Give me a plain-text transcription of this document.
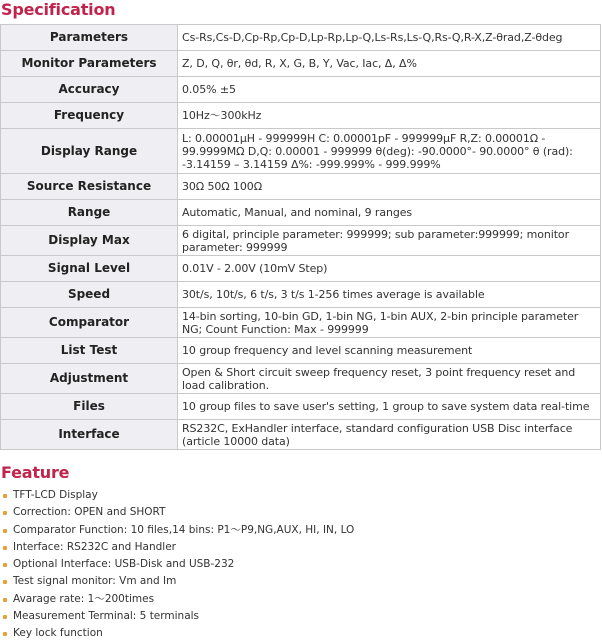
Specification
Parameters	Cs-Rs,Cs-D,Cp-Rp,Cp-D,Lp-Rp,Lp-Q,Ls-Rs,Ls-Q,Rs-Q,R-X,Z-θrad,Z-θdeg
Monitor Parameters	Z, D, Q, θr, θd, R, X, G, B, Y, Vac, Iac, Δ, Δ%
Accuracy	0.05% ±5
Frequency	10Hz～300kHz
Display Range	L: 0.00001μH - 999999H C: 0.00001pF - 999999μF R,Z: 0.00001Ω - 99.9999MΩ D,Q: 0.00001 - 999999 θ(deg): -90.0000°- 90.0000° θ (rad): -3.14159 – 3.14159 Δ%: -999.999% - 999.999%
Source Resistance	30Ω 50Ω 100Ω
Range	Automatic, Manual, and nominal, 9 ranges
Display Max	6 digital, principle parameter: 999999; sub parameter:999999; monitor parameter: 999999
Signal Level	0.01V - 2.00V (10mV Step)
Speed	30t/s, 10t/s, 6 t/s, 3 t/s 1-256 times average is available
Comparator	14-bin sorting, 10-bin GD, 1-bin NG, 1-bin AUX, 2-bin principle parameter NG; Count Function: Max - 999999
List Test	10 group frequency and level scanning measurement
Adjustment	Open & Short circuit sweep frequency reset, 3 point frequency reset and load calibration.
Files	10 group files to save user's setting, 1 group to save system data real-time
Interface	RS232C, ExHandler interface, standard configuration USB Disc interface (article 10000 data)
Feature
TFT-LCD Display
Correction: OPEN and SHORT
Comparator Function: 10 files,14 bins: P1～P9,NG,AUX, HI, IN, LO
Interface: RS232C and Handler
Optional Interface: USB-Disk and USB-232
Test signal monitor: Vm and Im
Avarage rate: 1～200times
Measurement Terminal: 5 terminals
Key lock function
